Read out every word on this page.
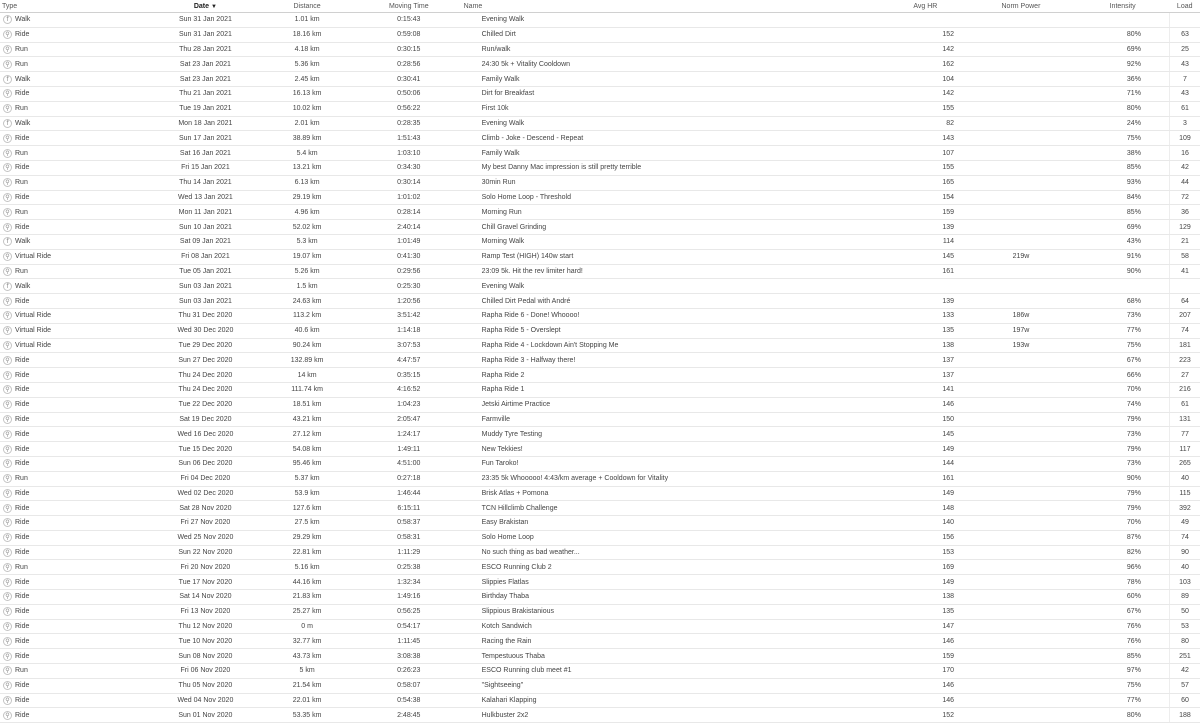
Type	Date ▼	Distance	Moving Time	Name	Avg HR	Norm Power	Intensity	Load

f Walk	Sun 31 Jan 2021	1.01 km	0:15:43	Evening Walk				

⚲ Ride	Sun 31 Jan 2021	18.16 km	0:59:08	Chilled Dirt	152		80%	63

⚲ Run	Thu 28 Jan 2021	4.18 km	0:30:15	Run/walk	142		69%	25

⚲ Run	Sat 23 Jan 2021	5.36 km	0:28:56	24:30 5k + Vitality Cooldown	162		92%	43

f Walk	Sat 23 Jan 2021	2.45 km	0:30:41	Family Walk	104		36%	7

⚲ Ride	Thu 21 Jan 2021	16.13 km	0:50:06	Dirt for Breakfast	142		71%	43

⚲ Run	Tue 19 Jan 2021	10.02 km	0:56:22	First 10k	155		80%	61

f Walk	Mon 18 Jan 2021	2.01 km	0:28:35	Evening Walk	82		24%	3

⚲ Ride	Sun 17 Jan 2021	38.89 km	1:51:43	Climb - Joke - Descend - Repeat	143		75%	109

⚲ Run	Sat 16 Jan 2021	5.4 km	1:03:10	Family Walk	107		38%	16

⚲ Ride	Fri 15 Jan 2021	13.21 km	0:34:30	My best Danny Mac impression is still pretty terrible	155		85%	42

⚲ Run	Thu 14 Jan 2021	6.13 km	0:30:14	30min Run	165		93%	44

⚲ Ride	Wed 13 Jan 2021	29.19 km	1:01:02	Solo Home Loop - Threshold	154		84%	72

⚲ Run	Mon 11 Jan 2021	4.96 km	0:28:14	Morning Run	159		85%	36

⚲ Ride	Sun 10 Jan 2021	52.02 km	2:40:14	Chill Gravel Grinding	139		69%	129

f Walk	Sat 09 Jan 2021	5.3 km	1:01:49	Morning Walk	114		43%	21

⚲ Virtual Ride	Fri 08 Jan 2021	19.07 km	0:41:30	Ramp Test (HIGH) 140w start	145	219w	91%	58

⚲ Run	Tue 05 Jan 2021	5.26 km	0:29:56	23:09 5k. Hit the rev limiter hard!	161		90%	41

f Walk	Sun 03 Jan 2021	1.5 km	0:25:30	Evening Walk				

⚲ Ride	Sun 03 Jan 2021	24.63 km	1:20:56	Chilled Dirt Pedal with André	139		68%	64

⚲ Virtual Ride	Thu 31 Dec 2020	113.2 km	3:51:42	Rapha Ride 6 - Done! Whoooo!	133	186w	73%	207

⚲ Virtual Ride	Wed 30 Dec 2020	40.6 km	1:14:18	Rapha Ride 5 - Overslept	135	197w	77%	74

⚲ Virtual Ride	Tue 29 Dec 2020	90.24 km	3:07:53	Rapha Ride 4 - Lockdown Ain't Stopping Me	138	193w	75%	181

⚲ Ride	Sun 27 Dec 2020	132.89 km	4:47:57	Rapha Ride 3 - Halfway there!	137		67%	223

⚲ Ride	Thu 24 Dec 2020	14 km	0:35:15	Rapha Ride 2	137		66%	27

⚲ Ride	Thu 24 Dec 2020	111.74 km	4:16:52	Rapha Ride 1	141		70%	216

⚲ Ride	Tue 22 Dec 2020	18.51 km	1:04:23	Jetski Airtime Practice	146		74%	61

⚲ Ride	Sat 19 Dec 2020	43.21 km	2:05:47	Farmville	150		79%	131

⚲ Ride	Wed 16 Dec 2020	27.12 km	1:24:17	Muddy Tyre Testing	145		73%	77

⚲ Ride	Tue 15 Dec 2020	54.08 km	1:49:11	New Tekkies!	149		79%	117

⚲ Ride	Sun 06 Dec 2020	95.46 km	4:51:00	Fun Taroko!	144		73%	265

⚲ Run	Fri 04 Dec 2020	5.37 km	0:27:18	23:35 5k Whooooo! 4:43/km average + Cooldown for Vitality	161		90%	40

⚲ Ride	Wed 02 Dec 2020	53.9 km	1:46:44	Brisk Atlas + Pomona	149		79%	115

⚲ Ride	Sat 28 Nov 2020	127.6 km	6:15:11	TCN Hillclimb Challenge	148		79%	392

⚲ Ride	Fri 27 Nov 2020	27.5 km	0:58:37	Easy Brakistan	140		70%	49

⚲ Ride	Wed 25 Nov 2020	29.29 km	0:58:31	Solo Home Loop	156		87%	74

⚲ Ride	Sun 22 Nov 2020	22.81 km	1:11:29	No such thing as bad weather...	153		82%	90

⚲ Run	Fri 20 Nov 2020	5.16 km	0:25:38	ESCO Running Club 2	169		96%	40

⚲ Ride	Tue 17 Nov 2020	44.16 km	1:32:34	Slippies Flatlas	149		78%	103

⚲ Ride	Sat 14 Nov 2020	21.83 km	1:49:16	Birthday Thaba	138		60%	89

⚲ Ride	Fri 13 Nov 2020	25.27 km	0:56:25	Slippious Brakistanious	135		67%	50

⚲ Ride	Thu 12 Nov 2020	0 m	0:54:17	Kotch Sandwich	147		76%	53

⚲ Ride	Tue 10 Nov 2020	32.77 km	1:11:45	Racing the Rain	146		76%	80

⚲ Ride	Sun 08 Nov 2020	43.73 km	3:08:38	Tempestuous Thaba	159		85%	251

⚲ Run	Fri 06 Nov 2020	5 km	0:26:23	ESCO Running club meet #1	170		97%	42

⚲ Ride	Thu 05 Nov 2020	21.54 km	0:58:07	"Sightseeing"	146		75%	57

⚲ Ride	Wed 04 Nov 2020	22.01 km	0:54:38	Kalahari Klapping	146		77%	60

⚲ Ride	Sun 01 Nov 2020	53.35 km	2:48:45	Hulkbuster 2x2	152		80%	188
